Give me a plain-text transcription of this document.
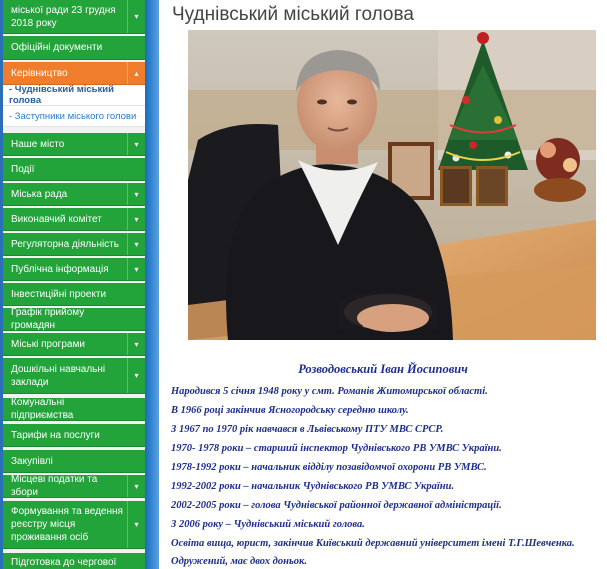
міської ради 23 грудня 2018 року
▾
Офіційні документи
Керівництво	▴
- Чуднівський міський голова
- Заступники міського голови
Наше місто	▾
Події
Міська рада	▾
Виконавчий комітет	▾
Регуляторна діяльність	▾
Публічна інформація	▾
Інвестиційні проекти
Графік прийому громадян
Міські програми	▾
Дошкільні навчальні заклади
▾
Комунальні підприємства
Тарифи на послуги
Закупівлі
Місцеві податки та збори
▾
Формування та ведення реєстру місця проживання осіб
▾
Підготовка до чергової
Чуднівський міський голова
Розводовський Іван Йосипович
Народився 5 січня 1948 року у смт. Романів Житомирської області.
В 1966 році закінчив Ясногородську середню школу.
З 1967 по 1970 рік навчався в Львівському ПТУ МВС СРСР.
1970- 1978 роки – старший інспектор Чуднівського РВ УМВС України.
1978-1992 роки – начальник відділу позавідомчої охорони РВ УМВС.
1992-2002 роки – начальник Чуднівського РВ УМВС України.
2002-2005 роки – голова Чуднівської районної державної адміністрації.
З 2006 року – Чуднівський міський голова.
Освіта вища, юрист, закінчив Київський державний університет імені Т.Г.Шевченка.
Одружений, має двох доньок.
